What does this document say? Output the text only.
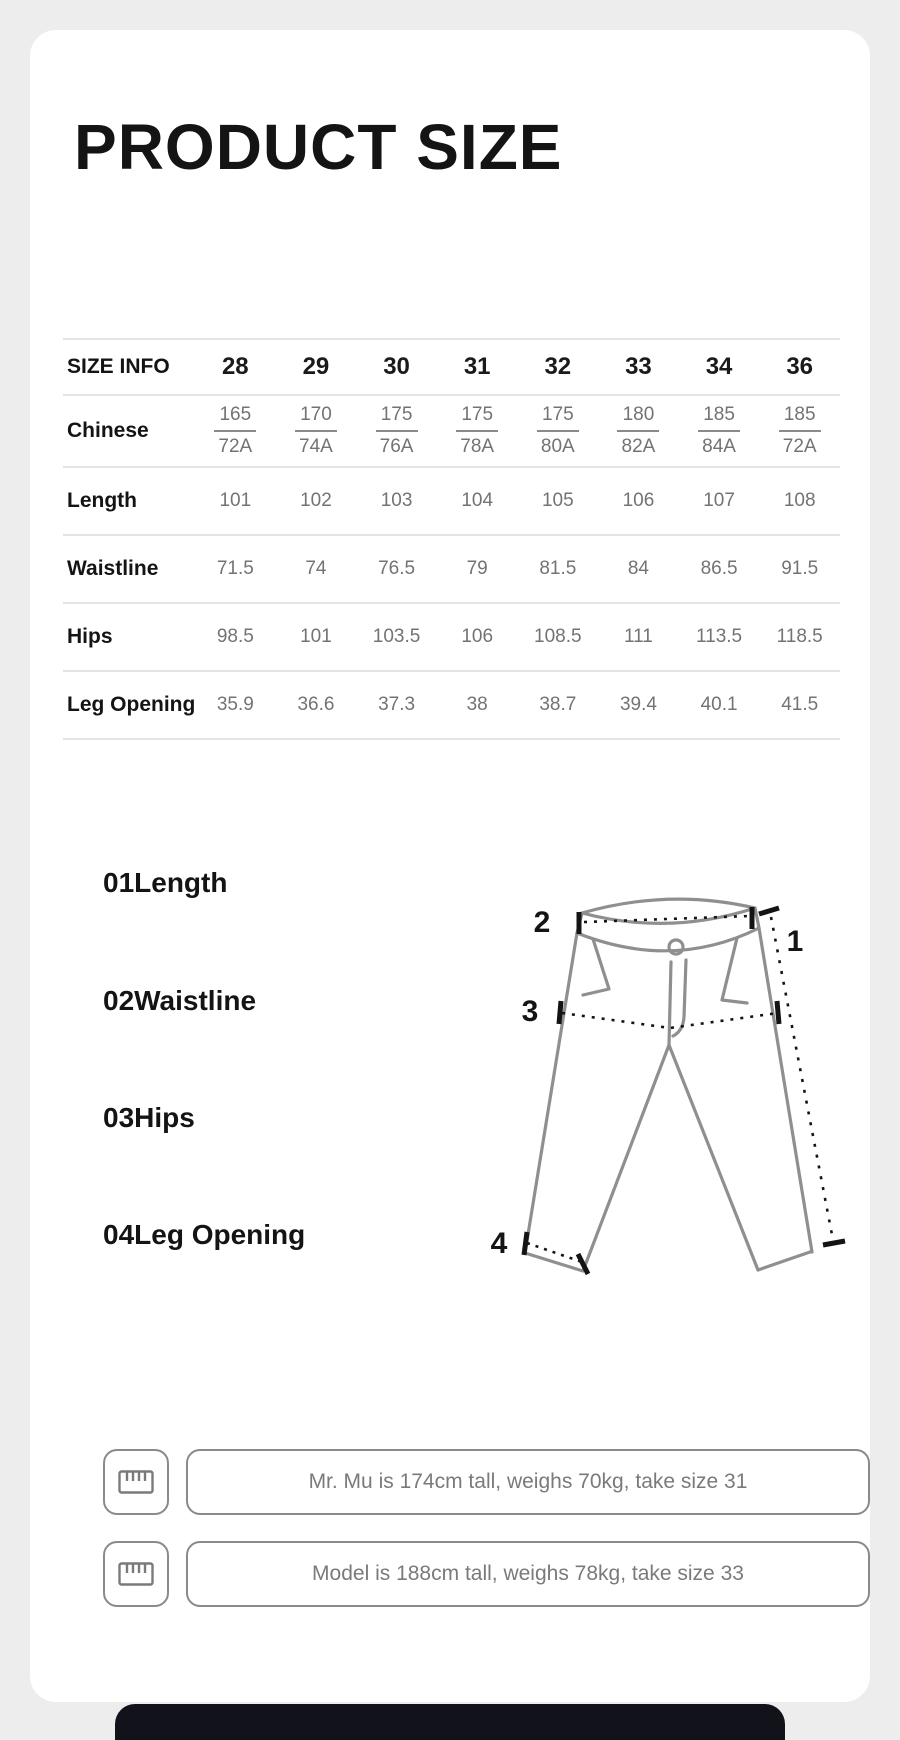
PRODUCT SIZE
SIZE INFO	28	29	30	31	32	33	34	36
Chinese	$\frac{165}{72A} \frac{170}{74A} \frac{175}{76A} \frac{175}{78A} \frac{175}{80A} \frac{180}{82A} \frac{185}{84A} \frac{185}{72A}$
Length	101	102	103	104	105	106	107	108
Waistline	71.5	74	76.5	79	81.5	84	86.5	91.5
Hips	98.5	101	103.5	106	108.5	111	113.5	118.5
Leg Opening	35.9	36.6	37.3	38	38.7	39.4	40.1	41.5
01Length
02Waistline
03Hips
04Leg Opening
2
1
3
4
Mr. Mu is 174cm tall, weighs 70kg, take size 31
Model is 188cm tall, weighs 78kg, take size 33
